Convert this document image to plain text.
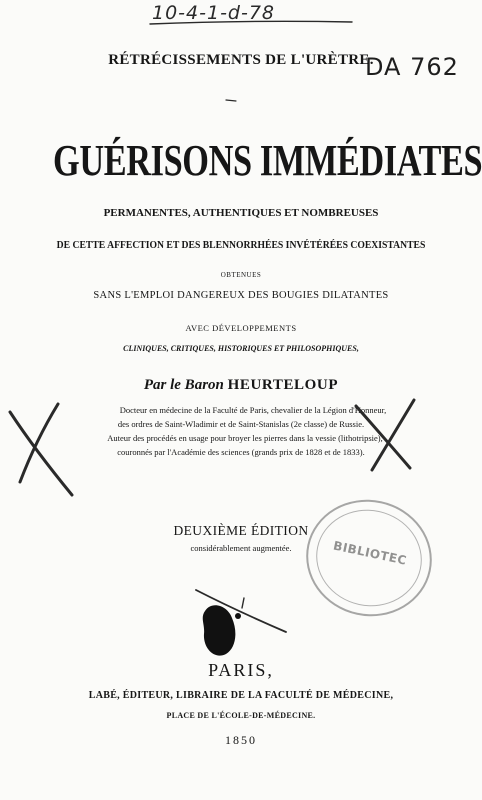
10-4-1-d-78
DA 762
RÉTRÉCISSEMENTS DE L'URÈTRE.
GUÉRISONS IMMÉDIATES
PERMANENTES, AUTHENTIQUES ET NOMBREUSES
DE CETTE AFFECTION ET DES BLENNORRHÉES INVÉTÉRÉES COEXISTANTES
OBTENUES
SANS L'EMPLOI DANGEREUX DES BOUGIES DILATANTES
AVEC DÉVELOPPEMENTS
CLINIQUES, CRITIQUES, HISTORIQUES ET PHILOSOPHIQUES,
Par le Baron HEURTELOUP
Docteur en médecine de la Faculté de Paris, chevalier de la Légion d'Honneur,
des ordres de Saint-Wladimir et de Saint-Stanislas (2e classe) de Russie.
Auteur des procédés en usage pour broyer les pierres dans la vessie (lithotripsie),
couronnés par l'Académie des sciences (grands prix de 1828 et de 1833).
DEUXIÈME ÉDITION
considérablement augmentée.
PARIS,
LABÉ, ÉDITEUR, LIBRAIRE DE LA FACULTÉ DE MÉDECINE,
PLACE DE L'ÉCOLE-DE-MÉDECINE.
1850
BIBLIOTEC
